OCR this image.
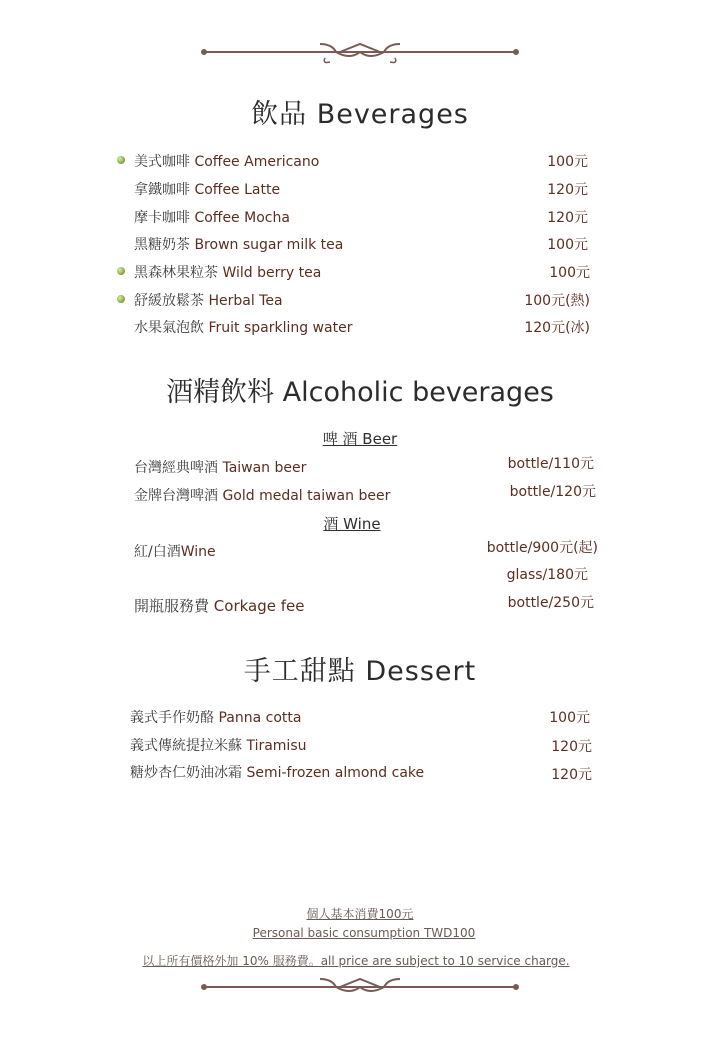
飲品 Beverages
美式咖啡 Coffee Americano	100元
拿鐵咖啡 Coffee Latte	120元
摩卡咖啡 Coffee Mocha	120元
黑糖奶茶 Brown sugar milk tea	100元
黑森林果粒茶 Wild berry tea	100元
舒緩放鬆茶 Herbal Tea	100元(熱)
水果氣泡飲 Fruit sparkling water	120元(冰)
酒精飲料 Alcoholic beverages
啤 酒 Beer
台灣經典啤酒 Taiwan beer	bottle/110元
金牌台灣啤酒 Gold medal taiwan beer	bottle/120元
酒 Wine
紅/白酒Wine	bottle/900元(起)
glass/180元
開瓶服務費 Corkage fee	bottle/250元
手工甜點 Dessert
義式手作奶酪 Panna cotta	100元
義式傳統提拉米蘇 Tiramisu	120元
糖炒杏仁奶油冰霜 Semi-frozen almond cake	120元
個人基本消費100元
Personal basic consumption TWD100
以上所有價格外加 10% 服務費。all price are subject to 10 service charge.
